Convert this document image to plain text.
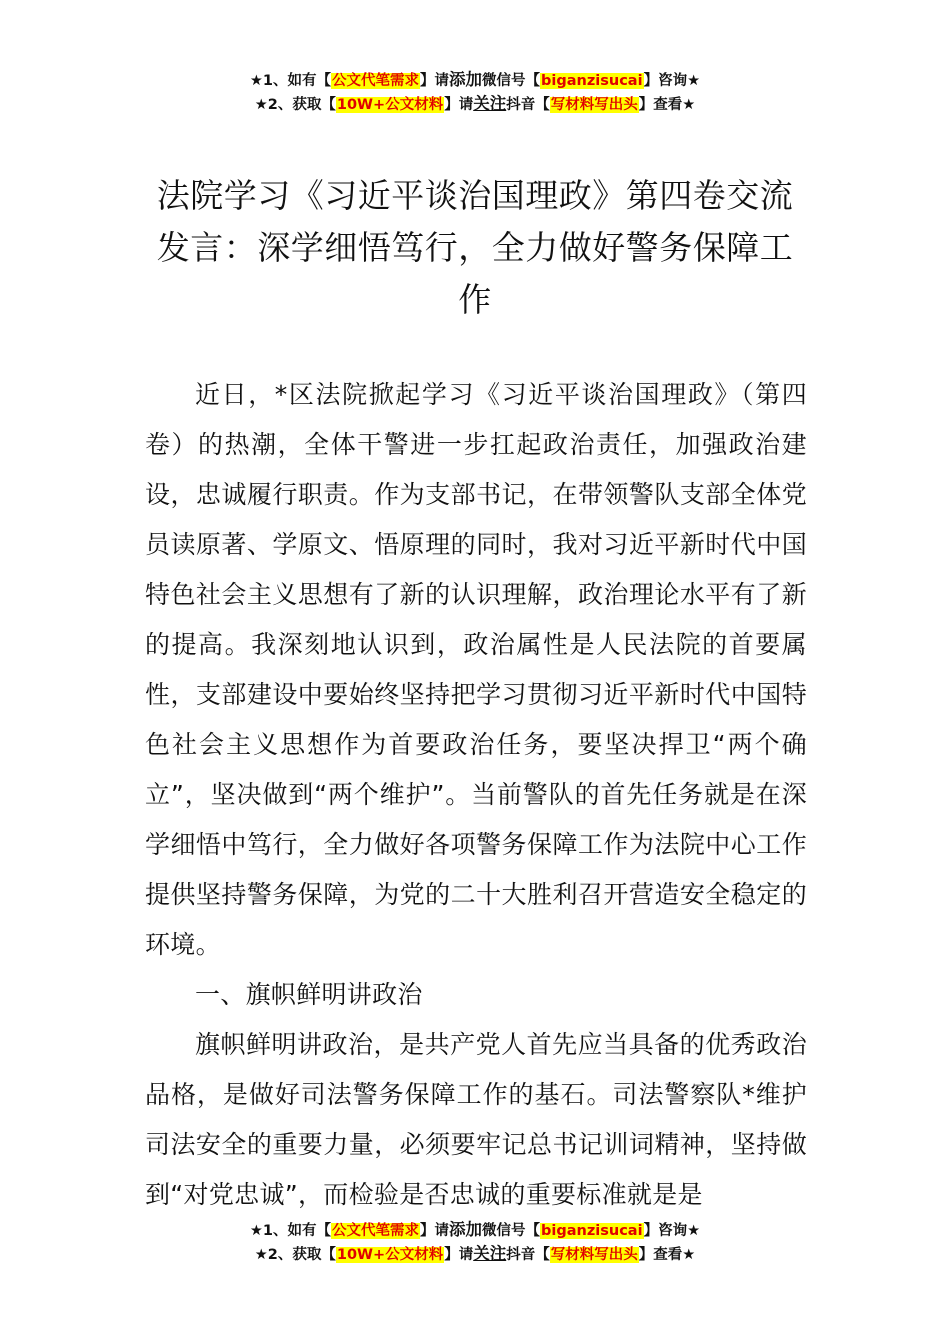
★1、如有【公文代笔需求】请添加微信号【biganzisucai】咨询★
★2、获取【10W+公文材料】请关注抖音【写材料写出头】查看★
法院学习《习近平谈治国理政》第四卷交流发言：深学细悟笃行，全力做好警务保障工作

近日，*区法院掀起学习《习近平谈治国理政》（第四卷）的热潮，全体干警进一步扛起政治责任，加强政治建设，忠诚履行职责。作为支部书记，在带领警队支部全体党员读原著、学原文、悟原理的同时，我对习近平新时代中国特色社会主义思想有了新的认识理解，政治理论水平有了新的提高。我深刻地认识到，政治属性是人民法院的首要属性，支部建设中要始终坚持把学习贯彻习近平新时代中国特色社会主义思想作为首要政治任务，要坚决捍卫“两个确立”，坚决做到“两个维护”。当前警队的首先任务就是在深学细悟中笃行，全力做好各项警务保障工作为法院中心工作提供坚持警务保障，为党的二十大胜利召开营造安全稳定的环境。

一、旗帜鲜明讲政治

旗帜鲜明讲政治，是共产党人首先应当具备的优秀政治品格，是做好司法警务保障工作的基石。司法警察队*维护司法安全的重要力量，必须要牢记总书记训词精神，坚持做到“对党忠诚”，而检验是否忠诚的重要标准就是是

★1、如有【公文代笔需求】请添加微信号【biganzisucai】咨询★
★2、获取【10W+公文材料】请关注抖音【写材料写出头】查看★
